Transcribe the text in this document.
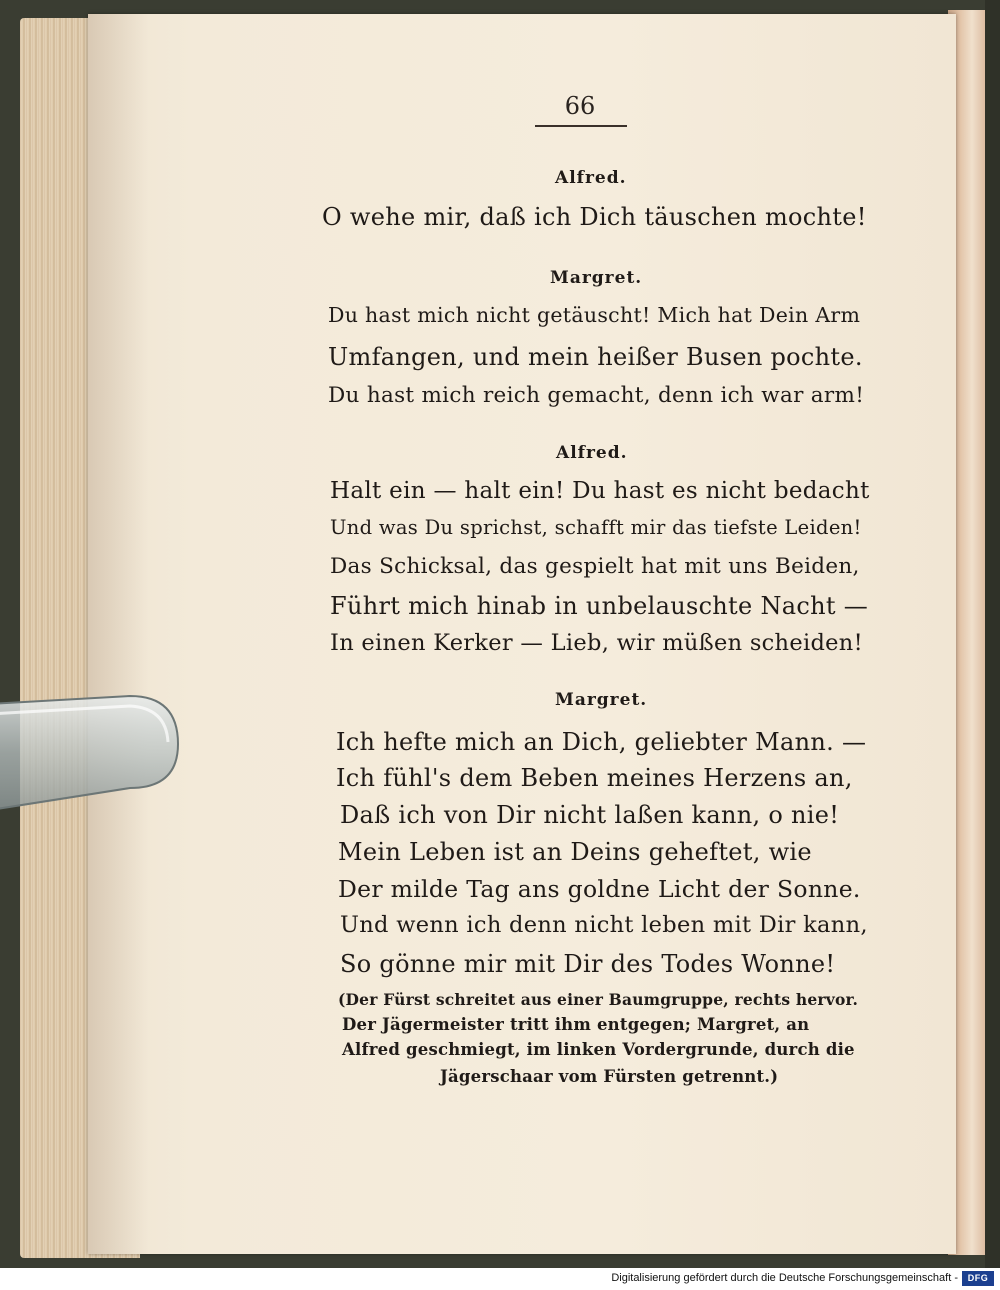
66
Alfred.
O wehe mir, daß ich Dich täuschen mochte!
Margret.
Du hast mich nicht getäuscht! Mich hat Dein Arm
Umfangen, und mein heißer Busen pochte.
Du hast mich reich gemacht, denn ich war arm!
Alfred.
Halt ein — halt ein! Du hast es nicht bedacht
Und was Du sprichst, schafft mir das tiefste Leiden!
Das Schicksal, das gespielt hat mit uns Beiden,
Führt mich hinab in unbelauschte Nacht —
In einen Kerker — Lieb, wir müßen scheiden!
Margret.
Ich hefte mich an Dich, geliebter Mann. —
Ich fühl's dem Beben meines Herzens an,
Daß ich von Dir nicht laßen kann, o nie!
Mein Leben ist an Deins geheftet, wie
Der milde Tag ans goldne Licht der Sonne.
Und wenn ich denn nicht leben mit Dir kann,
So gönne mir mit Dir des Todes Wonne!
(Der Fürst schreitet aus einer Baumgruppe, rechts hervor.
Der Jägermeister tritt ihm entgegen; Margret, an
Alfred geschmiegt, im linken Vordergrunde, durch die
Jägerschaar vom Fürsten getrennt.)
Digitalisierung gefördert durch die Deutsche Forschungsgemeinschaft -	DFG
